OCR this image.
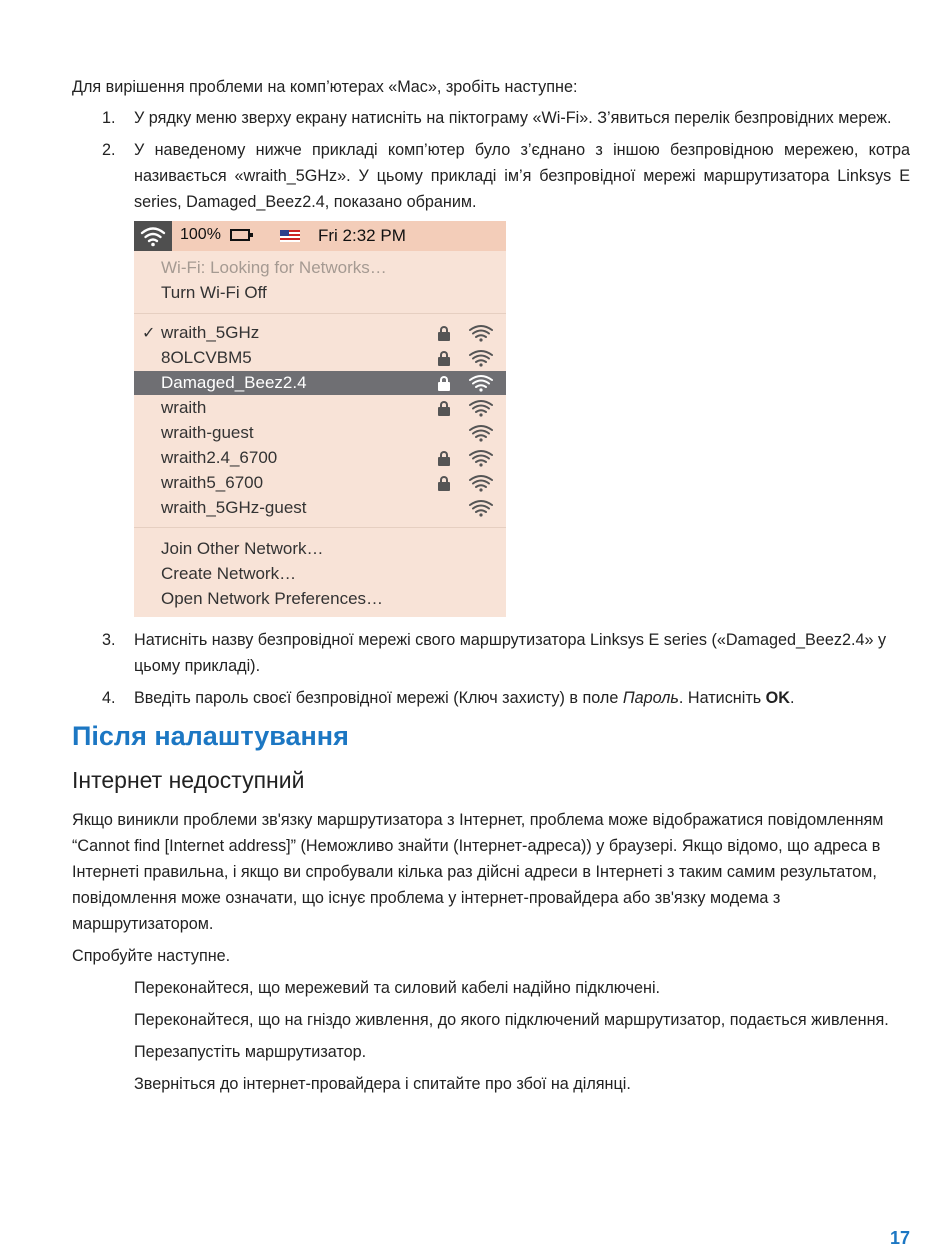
Для вирішення проблеми на комп’ютерах «Mac», зробіть наступне:

1. У рядку меню зверху екрану натисніть на піктограму «Wi-Fi». З’явиться перелік безпровідних мереж.
2. У наведеному нижче прикладі комп’ютер було з’єднано з іншою безпровідною мережею, котра називається «wraith_5GHz». У цьому прикладі ім’я безпровідної мережі маршрутизатора Linksys E series, Damaged_Beez2.4, показано обраним.
100%	Fri 2:32 PM
Wi-Fi: Looking for Networks…
Turn Wi-Fi Off
✓ wraith_5GHz
8OLCVBM5
Damaged_Beez2.4
wraith
wraith-guest
wraith2.4_6700
wraith5_6700
wraith_5GHz-guest
Join Other Network…
Create Network…
Open Network Preferences…
3. Натисніть назву безпровідної мережі свого маршрутизатора Linksys E series («Damaged_Beez2.4» у цьому прикладі).
4. Введіть пароль своєї безпровідної мережі (Ключ захисту) в поле Пароль. Натисніть OK.
Після налаштування
Інтернет недоступний

Якщо виникли проблеми зв'язку маршрутизатора з Інтернет, проблема може відображатися повідомленням “Cannot find [Internet address]” (Неможливо знайти (Інтернет-адреса)) у браузері. Якщо відомо, що адреса в Інтернеті правильна, і якщо ви спробували кілька раз дійсні адреси в Інтернеті з таким самим результатом, повідомлення може означати, що існує проблема у інтернет-провайдера або зв'язку модема з маршрутизатором.

Спробуйте наступне.

Переконайтеся, що мережевий та силовий кабелі надійно підключені.

Переконайтеся, що на гніздо живлення, до якого підключений маршрутизатор, подається живлення.

Перезапустіть маршрутизатор.

Зверніться до інтернет-провайдера і спитайте про збої на ділянці.

17
